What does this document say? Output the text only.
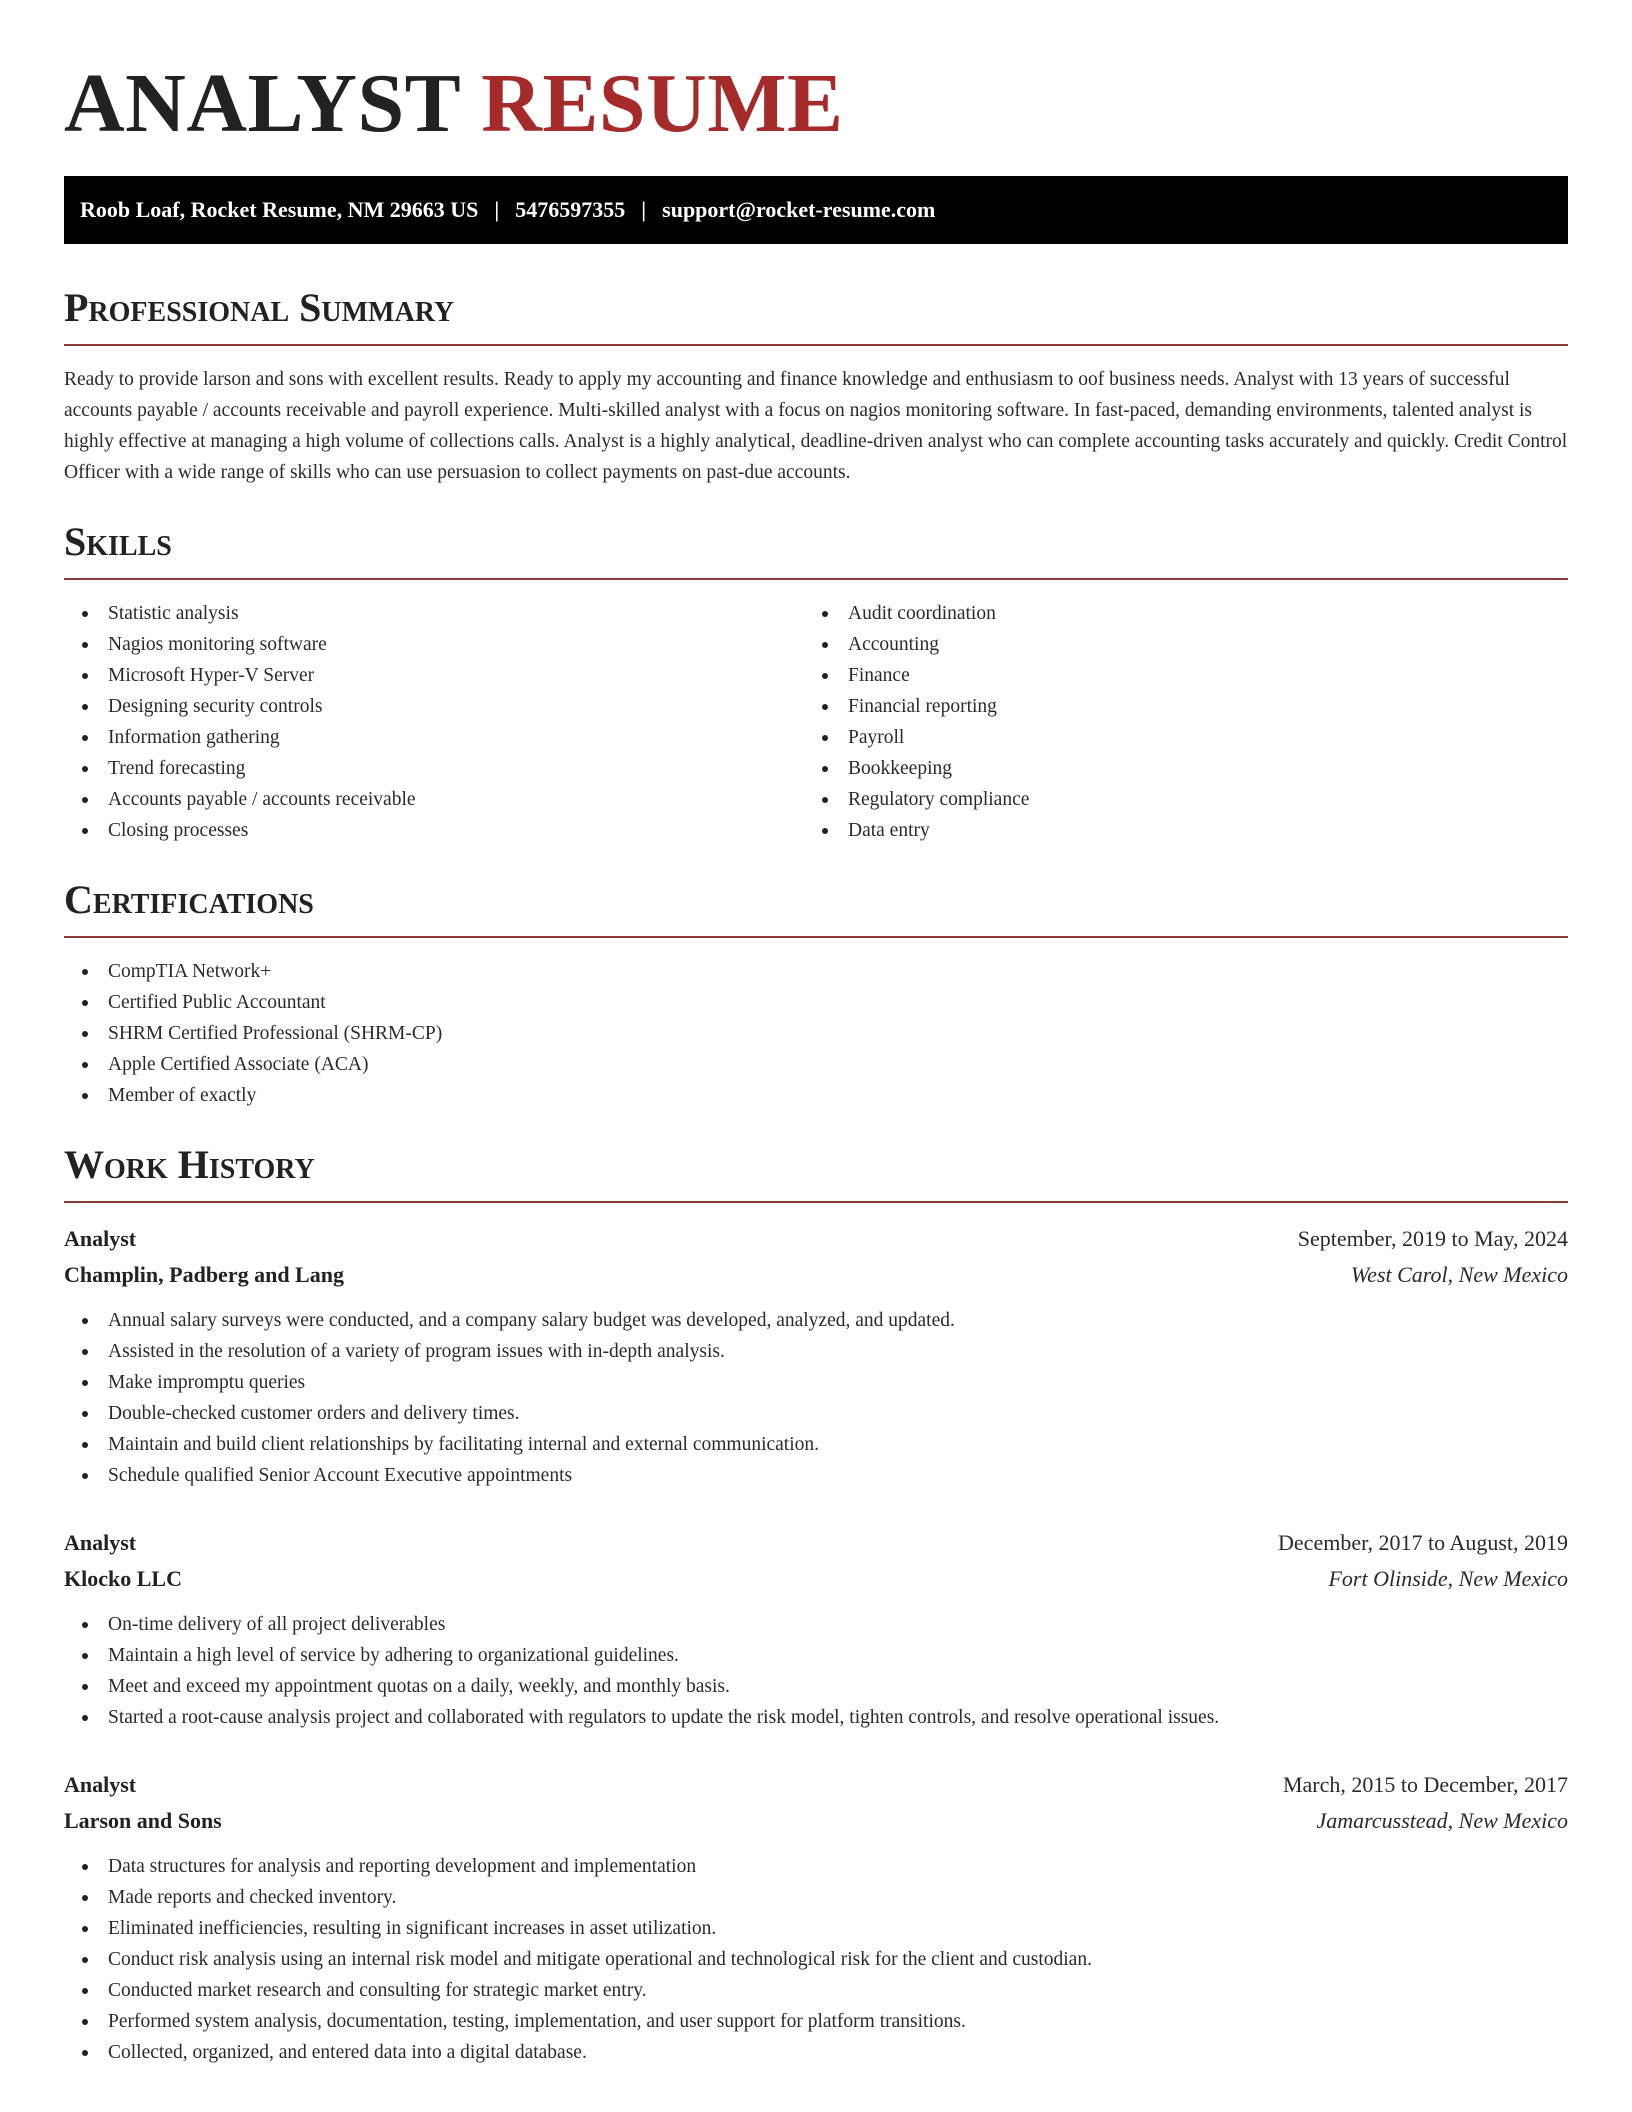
ANALYST RESUME
Roob Loaf, Rocket Resume, NM 29663 US | 5476597355 | support@rocket-resume.com
Professional Summary

Ready to provide larson and sons with excellent results. Ready to apply my accounting and finance knowledge and enthusiasm to oof business needs. Analyst with 13 years of successful accounts payable / accounts receivable and payroll experience. Multi-skilled analyst with a focus on nagios monitoring software. In fast-paced, demanding environments, talented analyst is highly effective at managing a high volume of collections calls. Analyst is a highly analytical, deadline-driven analyst who can complete accounting tasks accurately and quickly. Credit Control Officer with a wide range of skills who can use persuasion to collect payments on past-due accounts.

Skills
Statistic analysis
Nagios monitoring software
Microsoft Hyper-V Server
Designing security controls
Information gathering
Trend forecasting
Accounts payable / accounts receivable
Closing processes
Audit coordination
Accounting
Finance
Financial reporting
Payroll
Bookkeeping
Regulatory compliance
Data entry
Certifications
CompTIA Network+
Certified Public Accountant
SHRM Certified Professional (SHRM-CP)
Apple Certified Associate (ACA)
Member of exactly
Work History
Analyst	September, 2019 to May, 2024
Champlin, Padberg and Lang	West Carol, New Mexico
Annual salary surveys were conducted, and a company salary budget was developed, analyzed, and updated.
Assisted in the resolution of a variety of program issues with in-depth analysis.
Make impromptu queries
Double-checked customer orders and delivery times.
Maintain and build client relationships by facilitating internal and external communication.
Schedule qualified Senior Account Executive appointments
Analyst	December, 2017 to August, 2019
Klocko LLC	Fort Olinside, New Mexico
On-time delivery of all project deliverables
Maintain a high level of service by adhering to organizational guidelines.
Meet and exceed my appointment quotas on a daily, weekly, and monthly basis.
Started a root-cause analysis project and collaborated with regulators to update the risk model, tighten controls, and resolve operational issues.
Analyst	March, 2015 to December, 2017
Larson and Sons	Jamarcusstead, New Mexico
Data structures for analysis and reporting development and implementation
Made reports and checked inventory.
Eliminated inefficiencies, resulting in significant increases in asset utilization.
Conduct risk analysis using an internal risk model and mitigate operational and technological risk for the client and custodian.
Conducted market research and consulting for strategic market entry.
Performed system analysis, documentation, testing, implementation, and user support for platform transitions.
Collected, organized, and entered data into a digital database.
